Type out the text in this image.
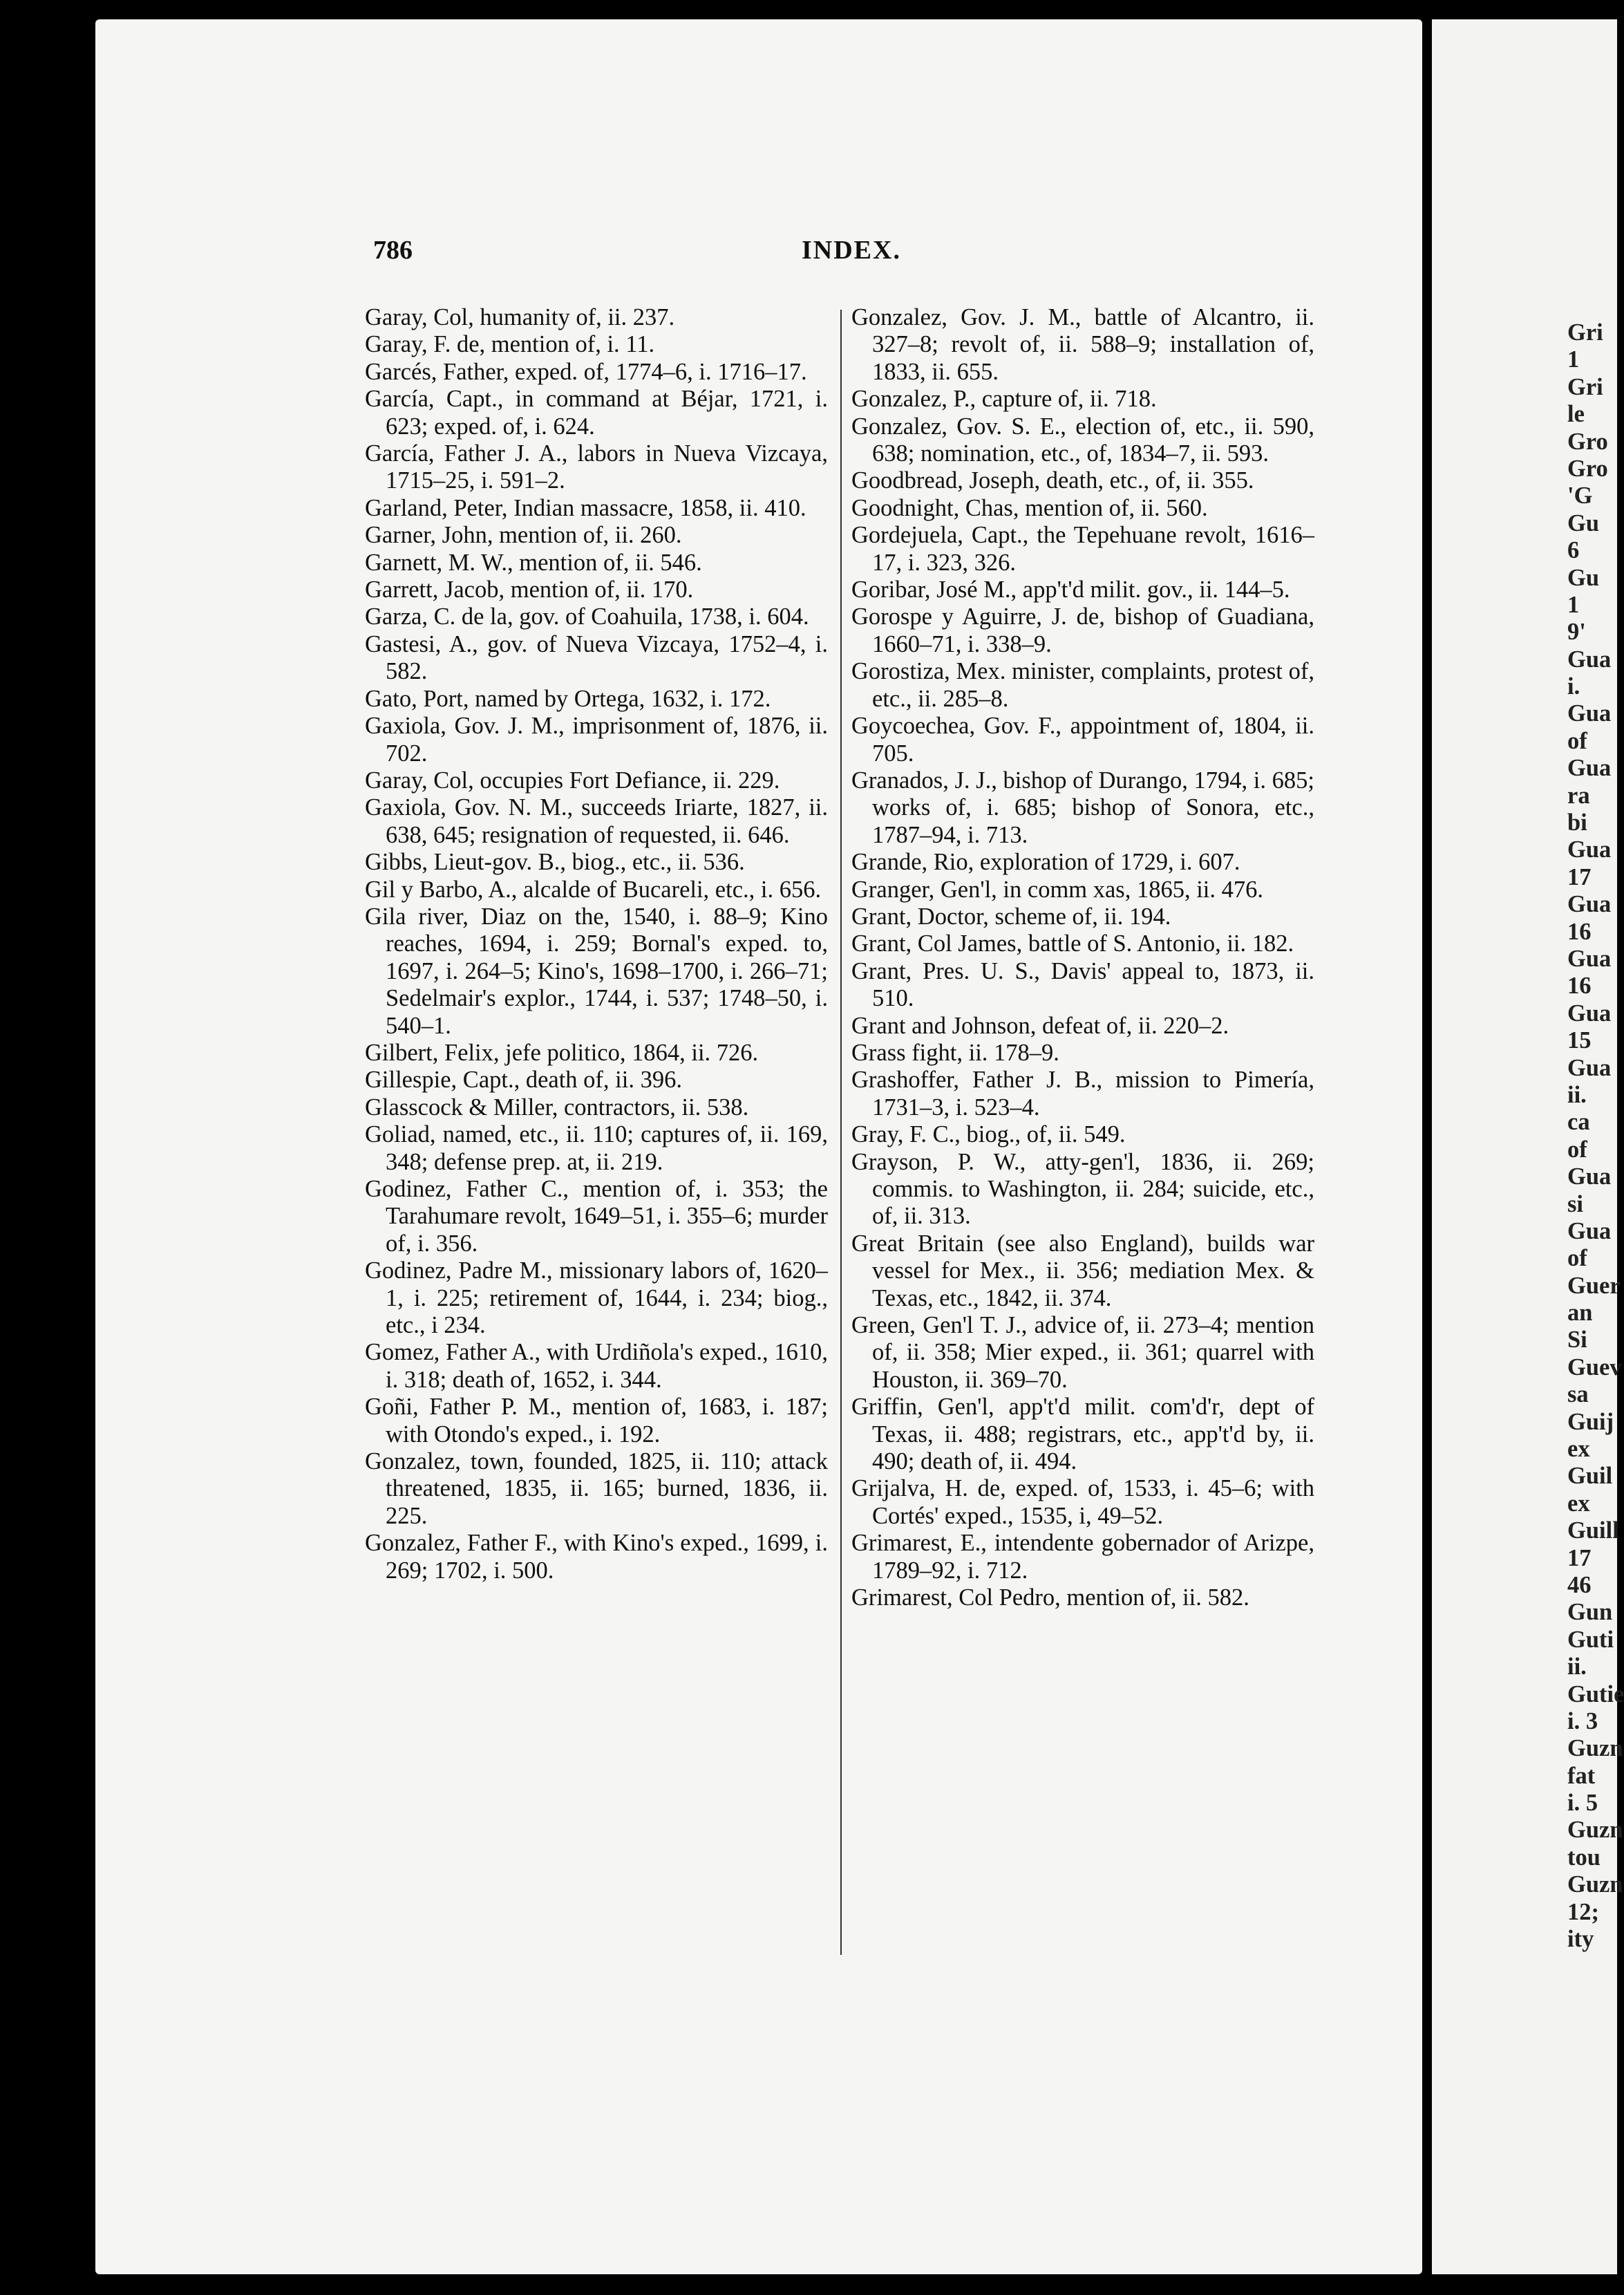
786	INDEX.
Garay, Col, humanity of, ii. 237.
Garay, F. de, mention of, i. 11.
Garcés, Father, exped. of, 1774–6, i. 1716–17.
García, Capt., in command at Béjar, 1721, i. 623; exped. of, i. 624.
García, Father J. A., labors in Nueva Vizcaya, 1715–25, i. 591–2.
Garland, Peter, Indian massacre, 1858, ii. 410.
Garner, John, mention of, ii. 260.
Garnett, M. W., mention of, ii. 546.
Garrett, Jacob, mention of, ii. 170.
Garza, C. de la, gov. of Coahuila, 1738, i. 604.
Gastesi, A., gov. of Nueva Vizcaya, 1752–4, i. 582.
Gato, Port, named by Ortega, 1632, i. 172.
Gaxiola, Gov. J. M., imprisonment of, 1876, ii. 702.
Garay, Col, occupies Fort Defiance, ii. 229.
Gaxiola, Gov. N. M., succeeds Iriarte, 1827, ii. 638, 645; resignation of requested, ii. 646.
Gibbs, Lieut-gov. B., biog., etc., ii. 536.
Gil y Barbo, A., alcalde of Bucareli, etc., i. 656.
Gila river, Diaz on the, 1540, i. 88–9; Kino reaches, 1694, i. 259; Bornal's exped. to, 1697, i. 264–5; Kino's, 1698–1700, i. 266–71; Sedelmair's explor., 1744, i. 537; 1748–50, i. 540–1.
Gilbert, Felix, jefe politico, 1864, ii. 726.
Gillespie, Capt., death of, ii. 396.
Glasscock & Miller, contractors, ii. 538.
Goliad, named, etc., ii. 110; captures of, ii. 169, 348; defense prep. at, ii. 219.
Godinez, Father C., mention of, i. 353; the Tarahumare revolt, 1649–51, i. 355–6; murder of, i. 356.
Godinez, Padre M., missionary labors of, 1620–1, i. 225; retirement of, 1644, i. 234; biog., etc., i 234.
Gomez, Father A., with Urdiñola's exped., 1610, i. 318; death of, 1652, i. 344.
Goñi, Father P. M., mention of, 1683, i. 187; with Otondo's exped., i. 192.
Gonzalez, town, founded, 1825, ii. 110; attack threatened, 1835, ii. 165; burned, 1836, ii. 225.
Gonzalez, Father F., with Kino's exped., 1699, i. 269; 1702, i. 500.
Gonzalez, Gov. J. M., battle of Alcantro, ii. 327–8; revolt of, ii. 588–9; installation of, 1833, ii. 655.
Gonzalez, P., capture of, ii. 718.
Gonzalez, Gov. S. E., election of, etc., ii. 590, 638; nomination, etc., of, 1834–7, ii. 593.
Goodbread, Joseph, death, etc., of, ii. 355.
Goodnight, Chas, mention of, ii. 560.
Gordejuela, Capt., the Tepehuane revolt, 1616–17, i. 323, 326.
Goribar, José M., app't'd milit. gov., ii. 144–5.
Gorospe y Aguirre, J. de, bishop of Guadiana, 1660–71, i. 338–9.
Gorostiza, Mex. minister, complaints, protest of, etc., ii. 285–8.
Goycoechea, Gov. F., appointment of, 1804, ii. 705.
Granados, J. J., bishop of Durango, 1794, i. 685; works of, i. 685; bishop of Sonora, etc., 1787–94, i. 713.
Grande, Rio, exploration of 1729, i. 607.
Granger, Gen'l, in comm xas, 1865, ii. 476.
Grant, Doctor, scheme of, ii. 194.
Grant, Col James, battle of S. Antonio, ii. 182.
Grant, Pres. U. S., Davis' appeal to, 1873, ii. 510.
Grant and Johnson, defeat of, ii. 220–2.
Grass fight, ii. 178–9.
Grashoffer, Father J. B., mission to Pimería, 1731–3, i. 523–4.
Gray, F. C., biog., of, ii. 549.
Grayson, P. W., atty-gen'l, 1836, ii. 269; commis. to Washington, ii. 284; suicide, etc., of, ii. 313.
Great Britain (see also England), builds war vessel for Mex., ii. 356; mediation Mex. & Texas, etc., 1842, ii. 374.
Green, Gen'l T. J., advice of, ii. 273–4; mention of, ii. 358; Mier exped., ii. 361; quarrel with Houston, ii. 369–70.
Griffin, Gen'l, app't'd milit. com'd'r, dept of Texas, ii. 488; registrars, etc., app't'd by, ii. 490; death of, ii. 494.
Grijalva, H. de, exped. of, 1533, i. 45–6; with Cortés' exped., 1535, i, 49–52.
Grimarest, E., intendente gobernador of Arizpe, 1789–92, i. 712.
Grimarest, Col Pedro, mention of, ii. 582.
Gri
1
Gri
le
Gro
Gro
'G
Gu
6
Gu
1
9'
Gua
i.
Gua
of
Gua
ra
bi
Gua
17
Gua
16
Gua
16
Gua
15
Gua
ii.
ca
of
Gua
si
Gua
of
Guer
an
Si
Guev
sa
Guij
ex
Guil
ex
Guill
17
46
Gun
Guti
ii.
Gutie
i. 3
Guzn
fat
i. 5
Guzn
tou
Guzn
12;
ity
